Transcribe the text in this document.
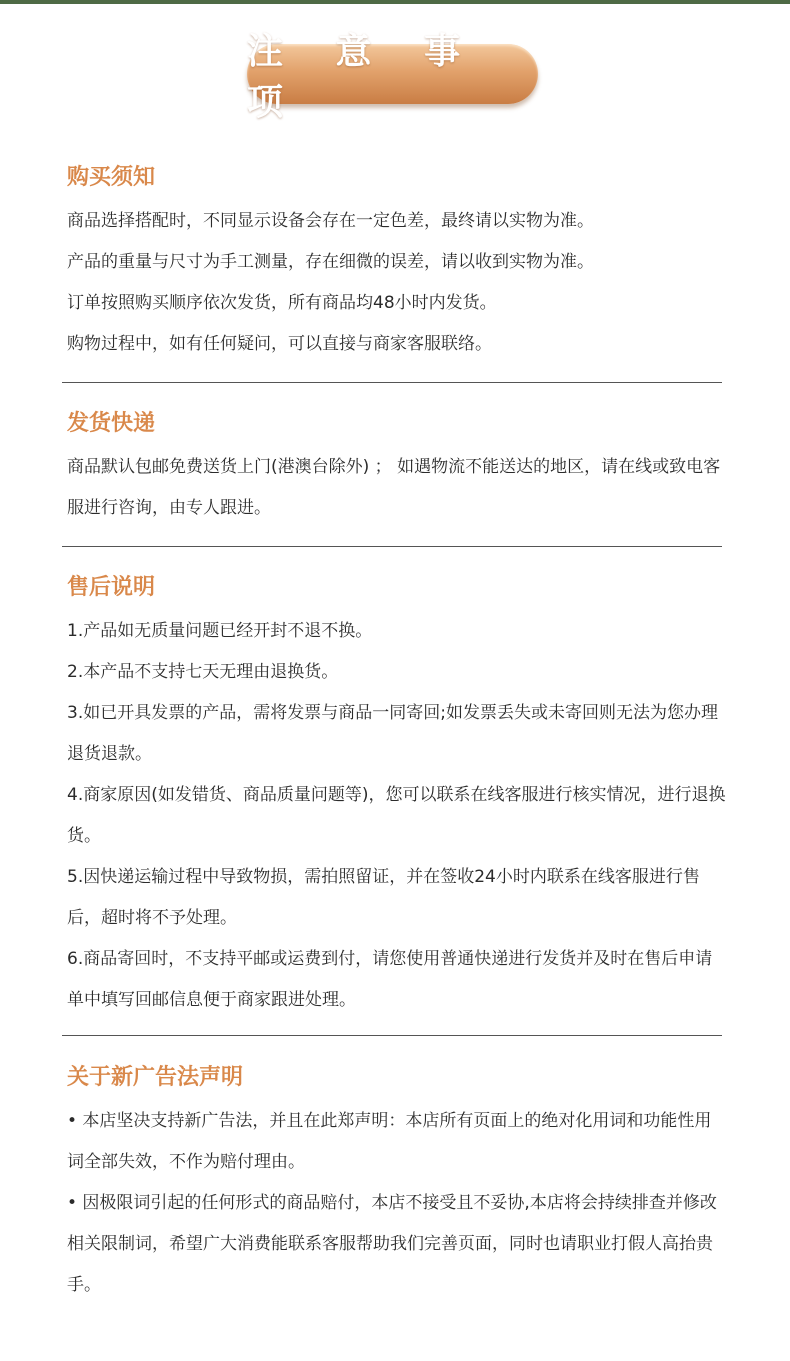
注 意 事 项
购买须知

商品选择搭配时，不同显示设备会存在一定色差，最终请以实物为准。

产品的重量与尺寸为手工测量，存在细微的误差，请以收到实物为准。

订单按照购买顺序依次发货，所有商品均48小时内发货。

购物过程中，如有任何疑问，可以直接与商家客服联络。

发货快递

商品默认包邮免费送货上门(港澳台除外) ； 如遇物流不能送达的地区，请在线或致电客服进行咨询，由专人跟进。

售后说明

1.产品如无质量问题已经开封不退不换。

2.本产品不支持七天无理由退换货。

3.如已开具发票的产品，需将发票与商品一同寄回;如发票丢失或未寄回则无法为您办理退货退款。

4.商家原因(如发错货、商品质量问题等)，您可以联系在线客服进行核实情况，进行退换货。

5.因快递运输过程中导致物损，需拍照留证，并在签收24小时内联系在线客服进行售后，超时将不予处理。

6.商品寄回时，不支持平邮或运费到付，请您使用普通快递进行发货并及时在售后申请单中填写回邮信息便于商家跟进处理。

关于新广告法声明

• 本店坚决支持新广告法，并且在此郑声明：本店所有页面上的绝对化用词和功能性用词全部失效，不作为赔付理由。

• 因极限词引起的任何形式的商品赔付，本店不接受且不妥协,本店将会持续排查并修改相关限制词，希望广大消费能联系客服帮助我们完善页面，同时也请职业打假人高抬贵手。
